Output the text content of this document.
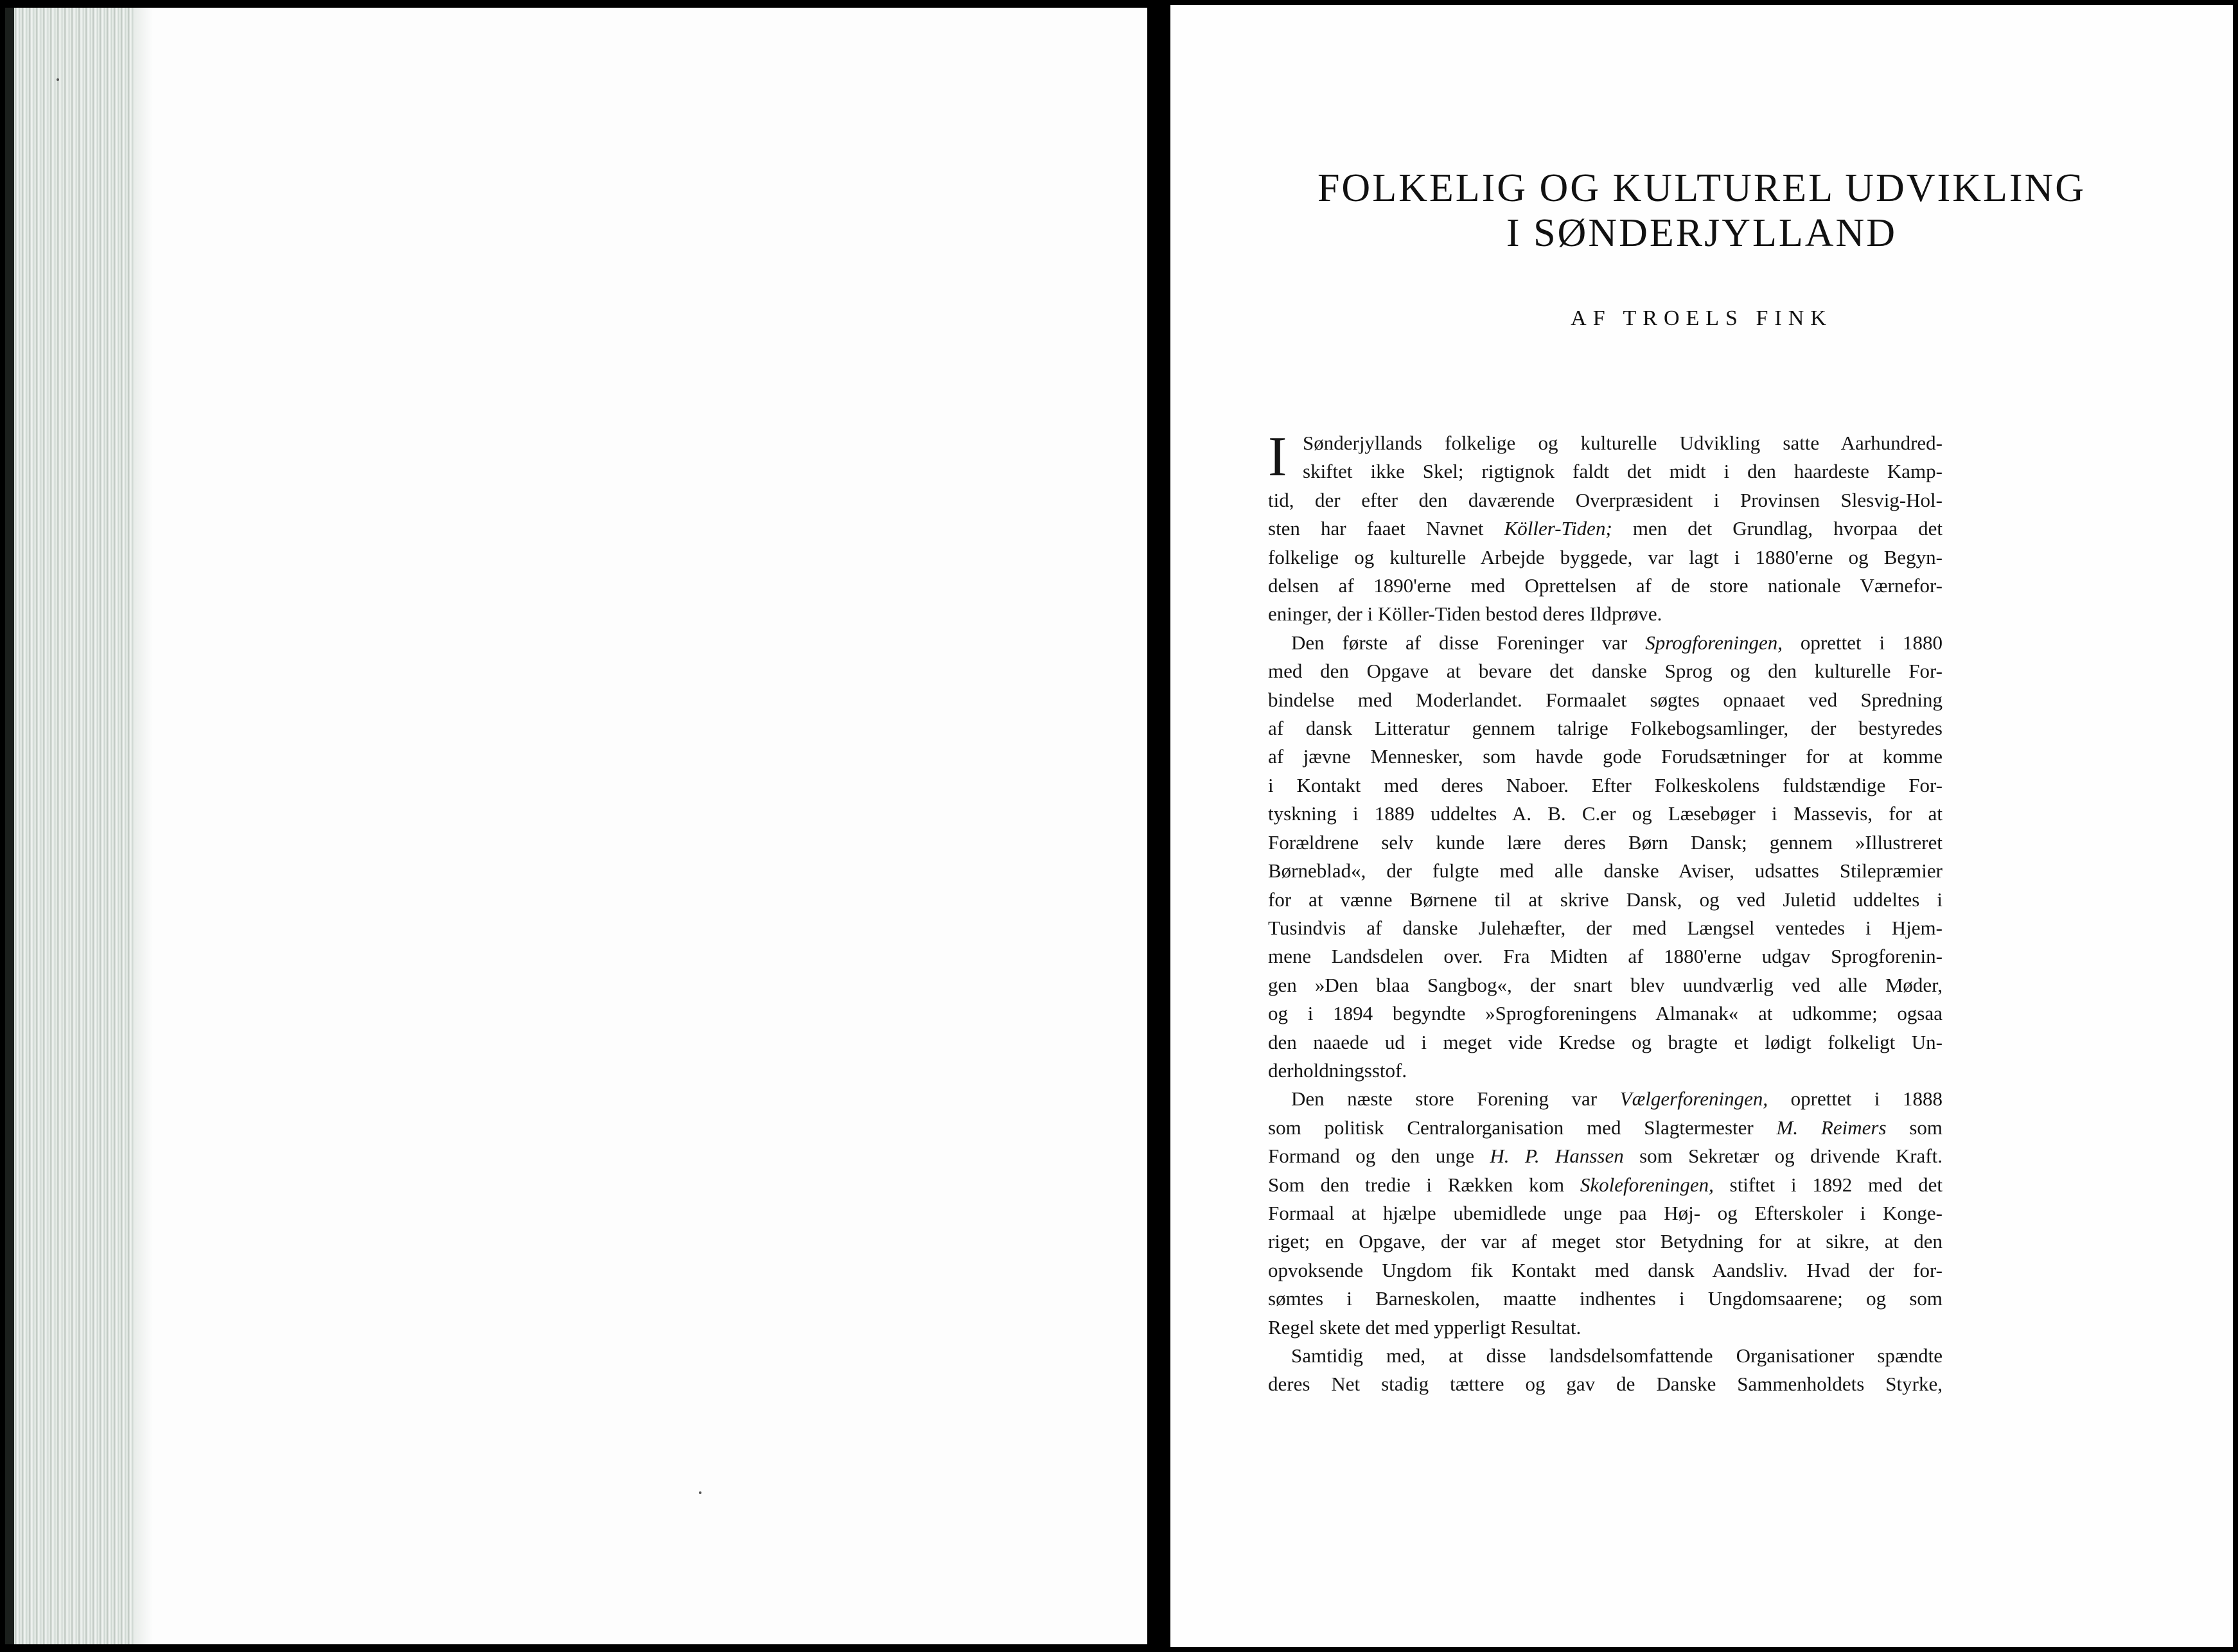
FOLKELIG OG KULTUREL UDVIKLING
I SØNDERJYLLAND
AF TROELS FINK
I Sønderjyllands folkelige og kulturelle Udvikling satte Aarhundred-
skiftet ikke Skel; rigtignok faldt det midt i den haardeste Kamp-
tid, der efter den daværende Overpræsident i Provinsen Slesvig-Hol-
sten har faaet Navnet Köller-Tiden; men det Grundlag, hvorpaa det
folkelige og kulturelle Arbejde byggede, var lagt i 1880'erne og Begyn-
delsen af 1890'erne med Oprettelsen af de store nationale Værnefor-
eninger, der i Köller-Tiden bestod deres Ildprøve.
Den første af disse Foreninger var Sprogforeningen, oprettet i 1880
med den Opgave at bevare det danske Sprog og den kulturelle For-
bindelse med Moderlandet. Formaalet søgtes opnaaet ved Spredning
af dansk Litteratur gennem talrige Folkebogsamlinger, der bestyredes
af jævne Mennesker, som havde gode Forudsætninger for at komme
i Kontakt med deres Naboer. Efter Folkeskolens fuldstændige For-
tyskning i 1889 uddeltes A. B. C.er og Læsebøger i Massevis, for at
Forældrene selv kunde lære deres Børn Dansk; gennem »Illustreret
Børneblad«, der fulgte med alle danske Aviser, udsattes Stilepræmier
for at vænne Børnene til at skrive Dansk, og ved Juletid uddeltes i
Tusindvis af danske Julehæfter, der med Længsel ventedes i Hjem-
mene Landsdelen over. Fra Midten af 1880'erne udgav Sprogforenin-
gen »Den blaa Sangbog«, der snart blev uundværlig ved alle Møder,
og i 1894 begyndte »Sprogforeningens Almanak« at udkomme; ogsaa
den naaede ud i meget vide Kredse og bragte et lødigt folkeligt Un-
derholdningsstof.
Den næste store Forening var Vælgerforeningen, oprettet i 1888
som politisk Centralorganisation med Slagtermester M. Reimers som
Formand og den unge H. P. Hanssen som Sekretær og drivende Kraft.
Som den tredie i Rækken kom Skoleforeningen, stiftet i 1892 med det
Formaal at hjælpe ubemidlede unge paa Høj- og Efterskoler i Konge-
riget; en Opgave, der var af meget stor Betydning for at sikre, at den
opvoksende Ungdom fik Kontakt med dansk Aandsliv. Hvad der for-
sømtes i Barneskolen, maatte indhentes i Ungdomsaarene; og som
Regel skete det med ypperligt Resultat.
Samtidig med, at disse landsdelsomfattende Organisationer spændte
deres Net stadig tættere og gav de Danske Sammenholdets Styrke,
